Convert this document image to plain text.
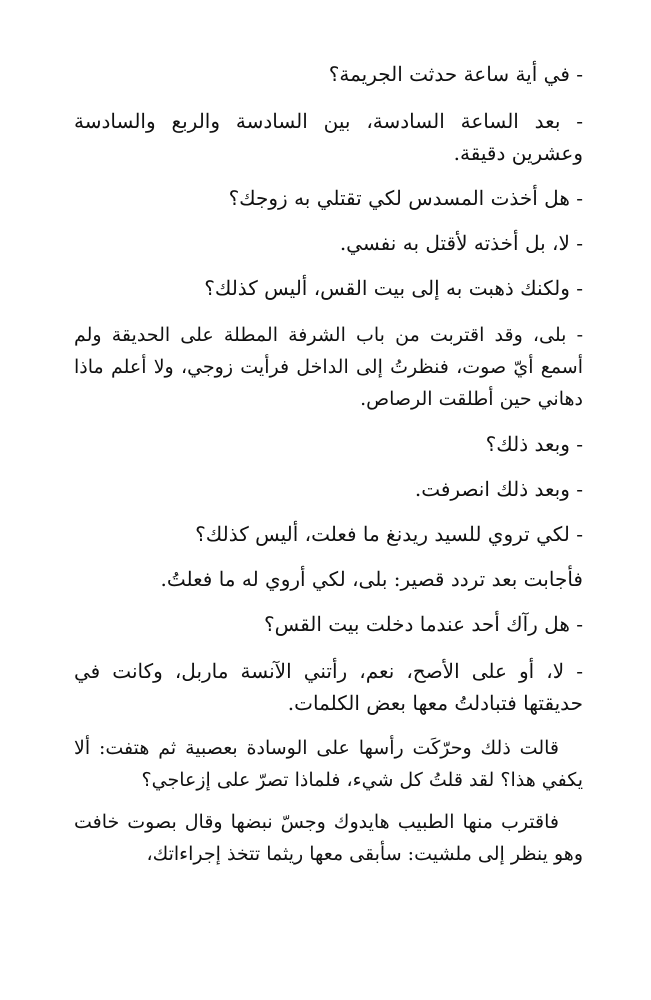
- في أية ساعة حدثت الجريمة؟

- بعد الساعة السادسة، بين السادسة والربع والسادسة وعشرين دقيقة.

- هل أخذت المسدس لكي تقتلي به زوجك؟

- لا، بل أخذته لأقتل به نفسي.

- ولكنك ذهبت به إلى بيت القس، أليس كذلك؟

- بلى، وقد اقتربت من باب الشرفة المطلة على الحديقة ولم أسمع أيّ صوت، فنظرتُ إلى الداخل فرأيت زوجي، ولا أعلم ماذا دهاني حين أطلقت الرصاص.

- وبعد ذلك؟

- وبعد ذلك انصرفت.

- لكي تروي للسيد ريدنغ ما فعلت، أليس كذلك؟

فأجابت بعد تردد قصير: بلى، لكي أروي له ما فعلتُ.

- هل رآك أحد عندما دخلت بيت القس؟

- لا، أو على الأصح، نعم، رأتني الآنسة ماربل، وكانت في حديقتها فتبادلتُ معها بعض الكلمات.

قالت ذلك وحرّكَت رأسها على الوسادة بعصبية ثم هتفت: ألا يكفي هذا؟ لقد قلتُ كل شيء، فلماذا تصرّ على إزعاجي؟

فاقترب منها الطبيب هايدوك وجسّ نبضها وقال بصوت خافت وهو ينظر إلى ملشيت: سأبقى معها ريثما تتخذ إجراءاتك،
